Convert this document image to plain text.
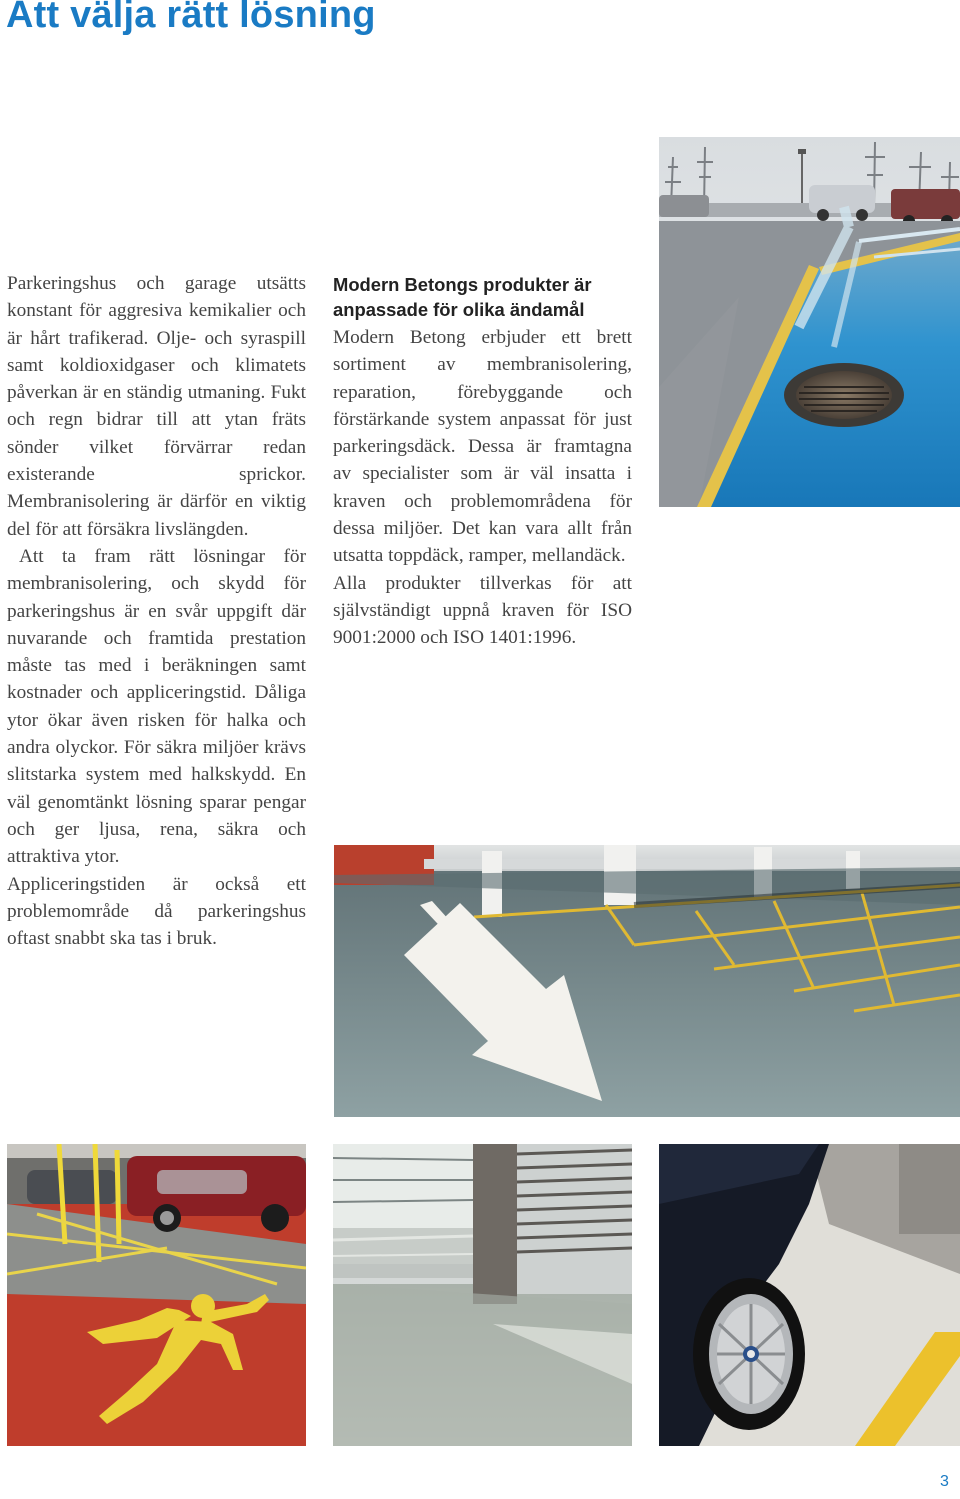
Att välja rätt lösning

Parkeringshus och garage utsätts konstant för aggresiva kemikalier och är hårt trafikerad. Olje- och syraspill samt koldioxidgaser och klimatets påverkan är en ständig utmaning. Fukt och regn bidrar till att ytan fräts sönder vilket förvärrar redan existerande sprickor. Membranisolering är därför en viktig del för att försäkra livslängden.

Att ta fram rätt lösningar för membranisolering, och skydd för parkeringshus är en svår uppgift där nuvarande och framtida prestation måste tas med i beräkningen samt kostnader och appliceringstid. Dåliga ytor ökar även risken för halka och andra olyckor. För säkra miljöer krävs slitstarka system med halkskydd. En väl genomtänkt lösning sparar pengar och ger ljusa, rena, säkra och attraktiva ytor.

Appliceringstiden är också ett problemområde då parkeringshus oftast snabbt ska tas i bruk.

Modern Betongs produkter är anpassade för olika ändamål

Modern Betong erbjuder ett brett sortiment av membranisolering, reparation, förebyggande och förstärkande system anpassat för just parkeringsdäck. Dessa är framtagna av specialister som är väl insatta i kraven och problemområdena för dessa miljöer. Det kan vara allt från utsatta toppdäck, ramper, mellandäck.

Alla produkter tillverkas för att självständigt uppnå kraven för ISO 9001:2000 och ISO 1401:1996.

3
